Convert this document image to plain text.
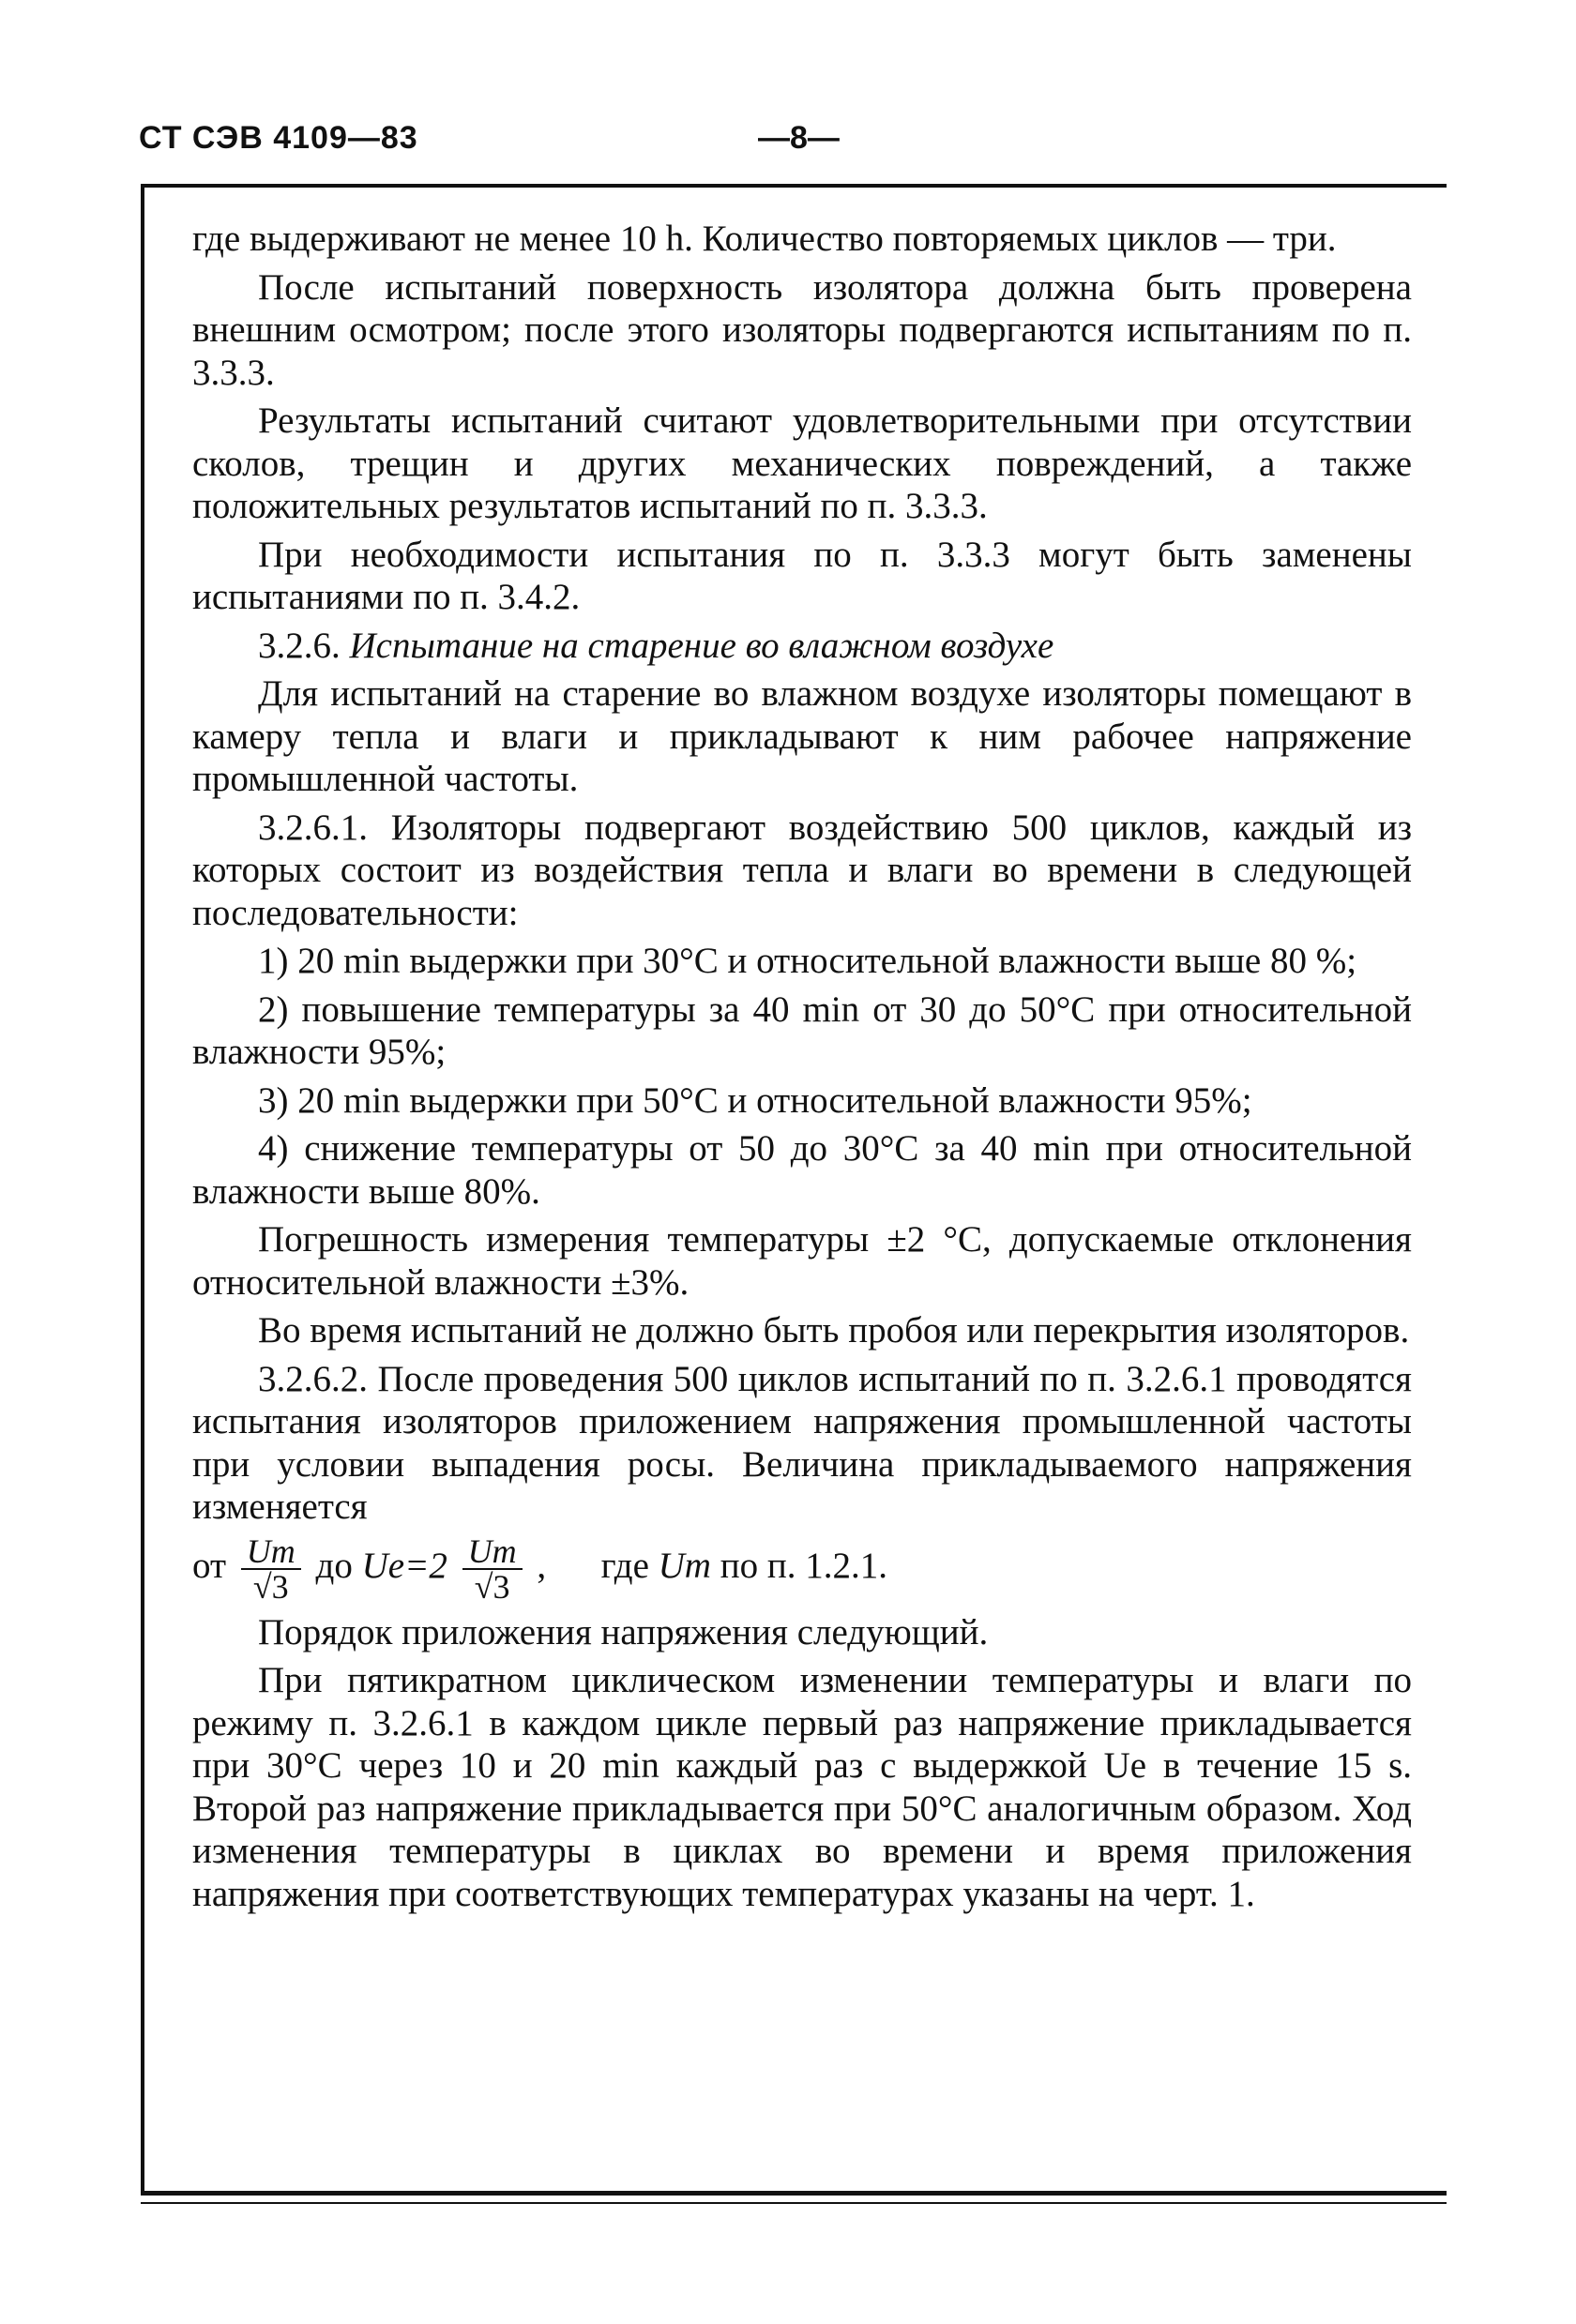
СТ СЭВ 4109—83	—8—

где выдерживают не менее 10 h. Количество повторяемых циклов — три.

После испытаний поверхность изолятора должна быть проверена внешним осмотром; после этого изоляторы подвергаются испытаниям по п. 3.3.3.

Результаты испытаний считают удовлетворительными при отсутствии сколов, трещин и других механических повреждений, а также положительных результатов испытаний по п. 3.3.3.

При необходимости испытания по п. 3.3.3 могут быть заменены испытаниями по п. 3.4.2.

3.2.6. Испытание на старение во влажном воздухе

Для испытаний на старение во влажном воздухе изоляторы помещают в камеру тепла и влаги и прикладывают к ним рабочее напряжение промышленной частоты.

3.2.6.1. Изоляторы подвергают воздействию 500 циклов, каждый из которых состоит из воздействия тепла и влаги во времени в следующей последовательности:

1) 20 min выдержки при 30°С и относительной влажности выше 80 %;

2) повышение температуры за 40 min от 30 до 50°С при относительной влажности 95%;

3) 20 min выдержки при 50°С и относительной влажности 95%;

4) снижение температуры от 50 до 30°С за 40 min при относительной влажности выше 80%.

Погрешность измерения температуры ±2 °С, допускаемые отклонения относительной влажности ±3%.

Во время испытаний не должно быть пробоя или перекрытия изоляторов.

3.2.6.2. После проведения 500 циклов испытаний по п. 3.2.6.1 проводятся испытания изоляторов приложением напряжения промышленной частоты при условии выпадения росы. Величина прикладываемого напряжения изменяется

от $\frac{Um}{√3}$ до $Ue=2 \frac{Um}{√3}$ , где Um по п. 1.2.1.

Порядок приложения напряжения следующий.

При пятикратном циклическом изменении температуры и влаги по режиму п. 3.2.6.1 в каждом цикле первый раз напряжение прикладывается при 30°С через 10 и 20 min каждый раз с выдержкой Ue в течение 15 s. Второй раз напряжение прикладывается при 50°С аналогичным образом. Ход изменения температуры в циклах во времени и время приложения напряжения при соответствующих температурах указаны на черт. 1.
